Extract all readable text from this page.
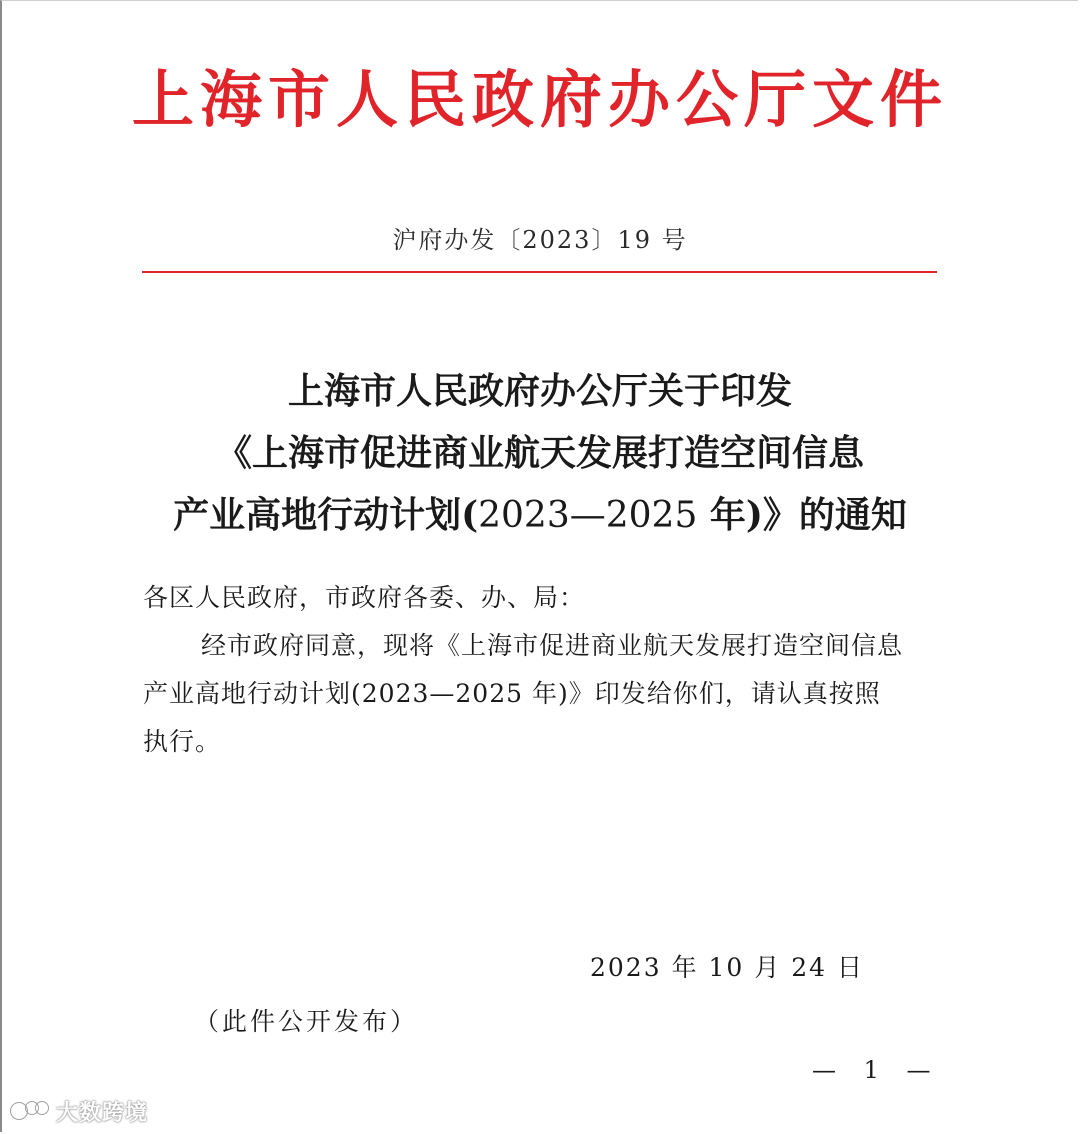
上海市人民政府办公厅文件
沪府办发〔2023〕19 号
上海市人民政府办公厅关于印发
《上海市促进商业航天发展打造空间信息
产业高地行动计划(2023—2025 年)》的通知
各区人民政府，市政府各委、办、局：
经市政府同意，现将《上海市促进商业航天发展打造空间信息
产业高地行动计划(2023—2025 年)》印发给你们，请认真按照
执行。
2023 年 10 月 24 日
（此件公开发布）
— 1 —
大数跨境
